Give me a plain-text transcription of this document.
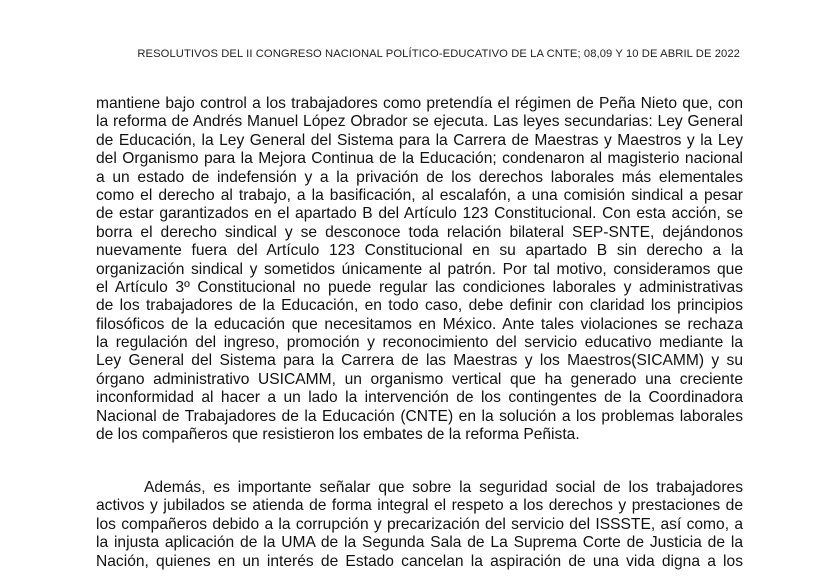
RESOLUTIVOS DEL II CONGRESO NACIONAL POLÍTICO-EDUCATIVO DE LA CNTE; 08,09 Y 10 DE ABRIL DE 2022
mantiene bajo control a los trabajadores como pretendía el régimen de Peña Nieto que, con
la reforma de Andrés Manuel López Obrador se ejecuta. Las leyes secundarias: Ley General
de Educación, la Ley General del Sistema para la Carrera de Maestras y Maestros y la Ley
del Organismo para la Mejora Continua de la Educación; condenaron al magisterio nacional
a un estado de indefensión y a la privación de los derechos laborales más elementales
como el derecho al trabajo, a la basificación, al escalafón, a una comisión sindical a pesar
de estar garantizados en el apartado B del Artículo 123 Constitucional. Con esta acción, se
borra el derecho sindical y se desconoce toda relación bilateral SEP-SNTE, dejándonos
nuevamente fuera del Artículo 123 Constitucional en su apartado B sin derecho a la
organización sindical y sometidos únicamente al patrón. Por tal motivo, consideramos que
el Artículo 3º Constitucional no puede regular las condiciones laborales y administrativas
de los trabajadores de la Educación, en todo caso, debe definir con claridad los principios
filosóficos de la educación que necesitamos en México. Ante tales violaciones se rechaza
la regulación del ingreso, promoción y reconocimiento del servicio educativo mediante la
Ley General del Sistema para la Carrera de las Maestras y los Maestros(SICAMM) y su
órgano administrativo USICAMM, un organismo vertical que ha generado una creciente
inconformidad al hacer a un lado la intervención de los contingentes de la Coordinadora
Nacional de Trabajadores de la Educación (CNTE) en la solución a los problemas laborales
de los compañeros que resistieron los embates de la reforma Peñista.
Además, es importante señalar que sobre la seguridad social de los trabajadores
activos y jubilados se atienda de forma integral el respeto a los derechos y prestaciones de
los compañeros debido a la corrupción y precarización del servicio del ISSSTE, así como, a
la injusta aplicación de la UMA de la Segunda Sala de La Suprema Corte de Justicia de la
Nación, quienes en un interés de Estado cancelan la aspiración de una vida digna a los
